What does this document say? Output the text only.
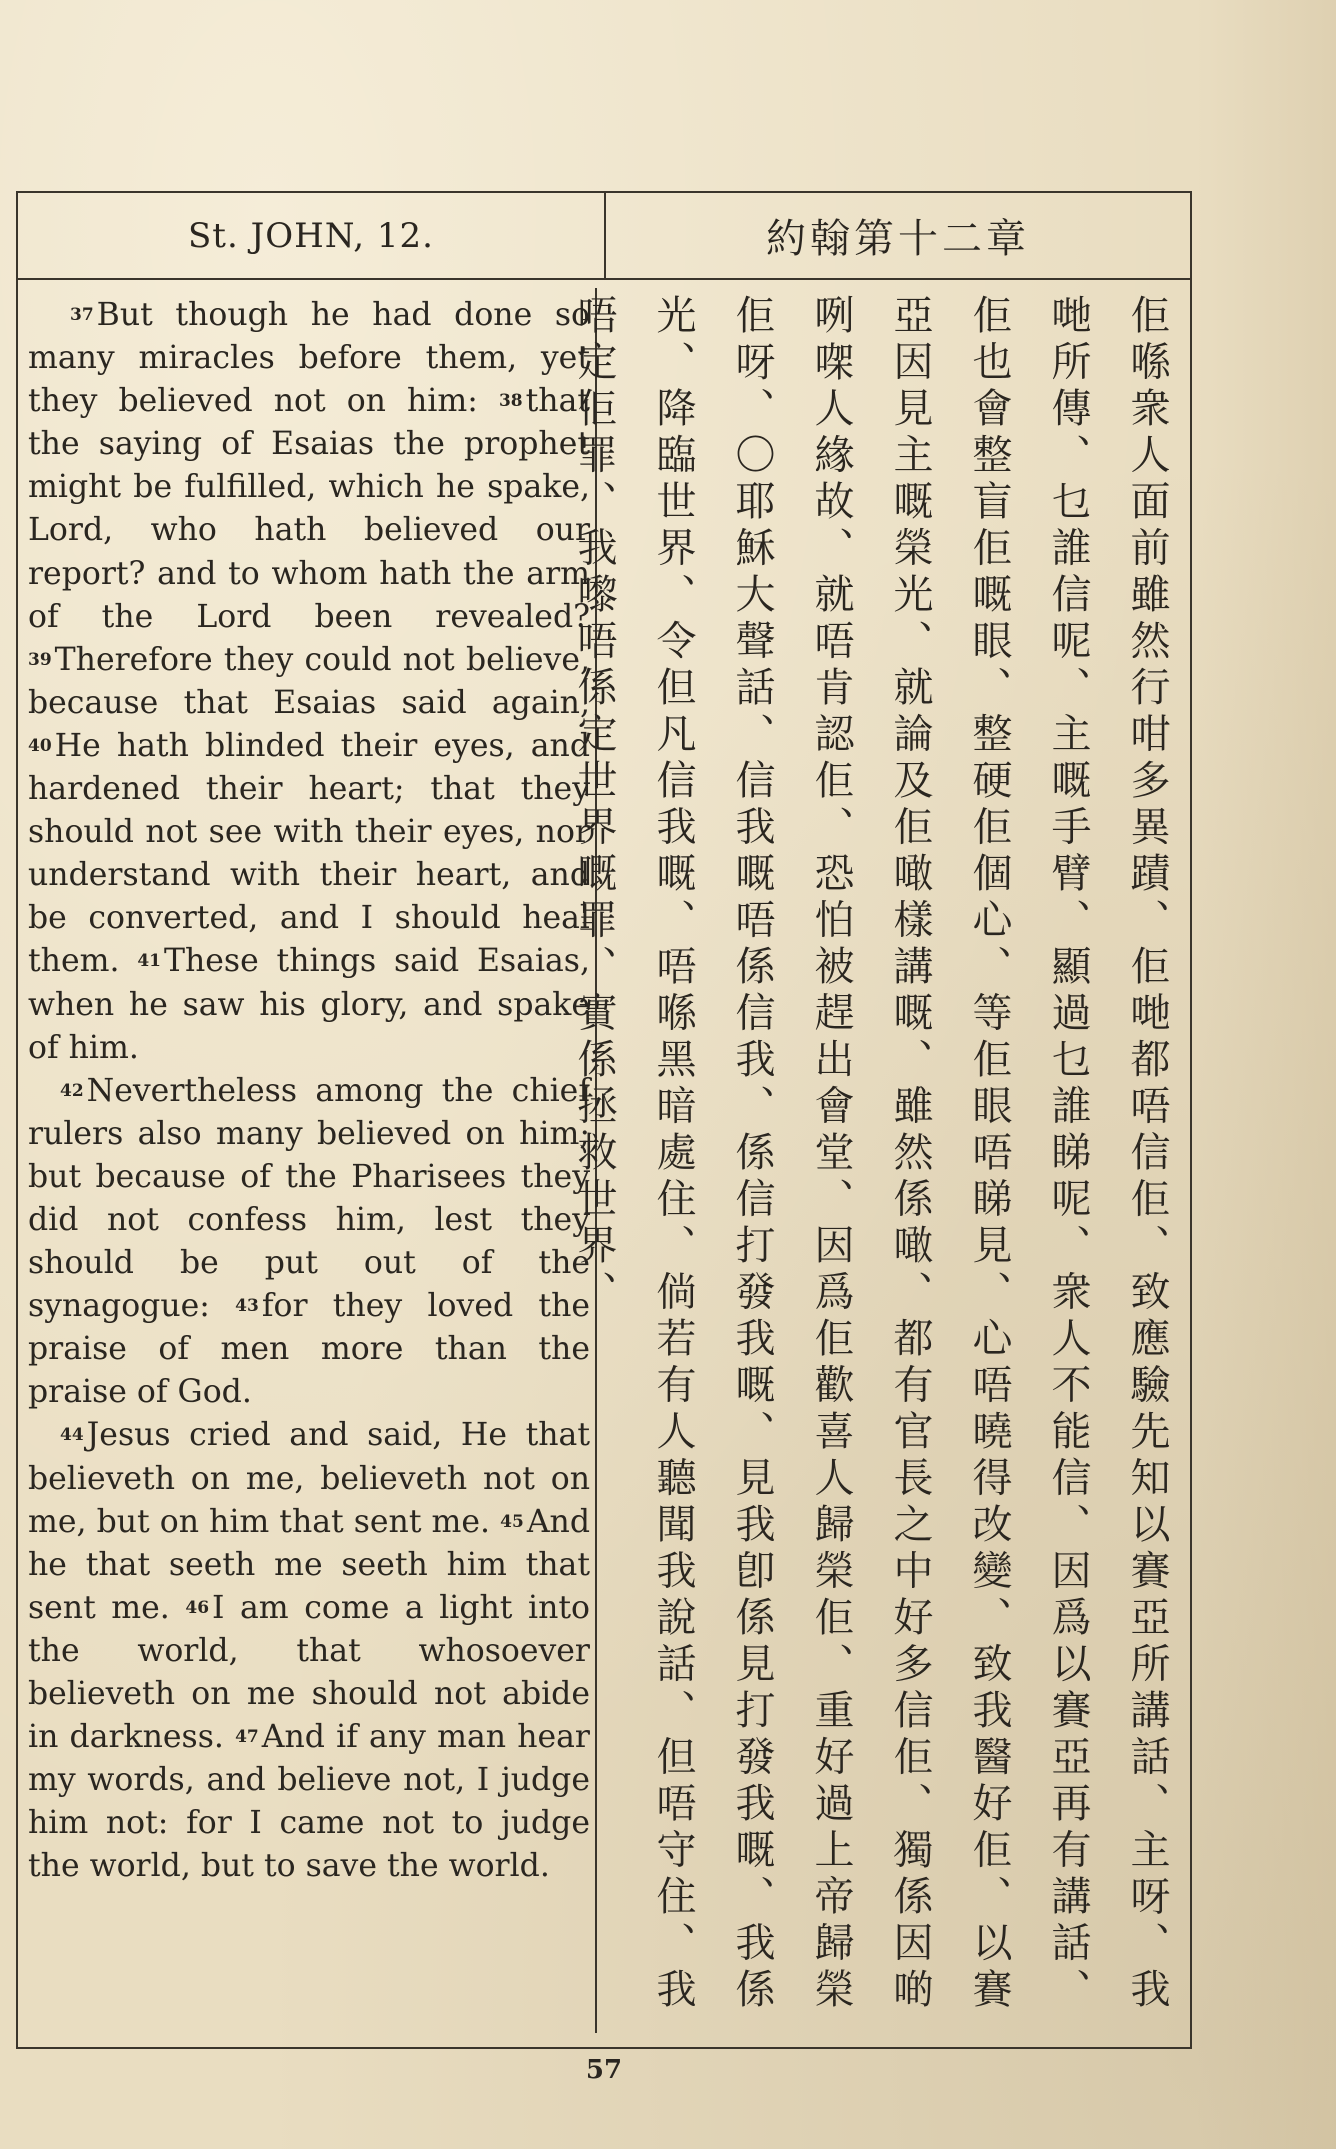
St. JOHN, 12.	約翰第十二章

37But though he had done so many miracles before them, yet they believed not on him: 38that the saying of Esaias the prophet might be fulfilled, which he spake, Lord, who hath believed our report? and to whom hath the arm of the Lord been revealed? 39Therefore they could not believe, because that Esaias said again, 40He hath blinded their eyes, and hardened their heart; that they should not see with their eyes, nor understand with their heart, and be converted, and I should heal them. 41These things said Esaias, when he saw his glory, and spake of him.

42Nevertheless among the chief rulers also many believed on him; but because of the Pharisees they did not confess him, lest they should be put out of the synagogue: 43for they loved the praise of men more than the praise of God.

44Jesus cried and said, He that believeth on me, believeth not on me, but on him that sent me. 45And he that seeth me seeth him that sent me. 46I am come a light into the world, that whosoever believeth on me should not abide in darkness. 47And if any man hear my words, and believe not, I judge him not: for I came not to judge the world, but to save the world.	佢喺衆人面前雖然行咁多異蹟、佢哋都唔信佢、致應驗先知以賽亞所講話、主呀、我哋所傳、乜誰信呢、主嘅手臂、顯過乜誰睇呢、衆人不能信、因爲以賽亞再有講話、佢也會整盲佢嘅眼、整硬佢個心、等佢眼唔睇見、心唔曉得改變、致我醫好佢、以賽亞因見主嘅榮光、就論及佢噉樣講嘅、雖然係噉、都有官長之中好多信佢、獨係因啲咧㗎人緣故、就唔肯認佢、恐怕被趕出會堂、因爲佢歡喜人歸榮佢、重好過上帝歸榮佢呀、〇耶穌大聲話、信我嘅唔係信我、係信打發我嘅、見我卽係見打發我嘅、我係光、降臨世界、令但凡信我嘅、唔喺黑暗處住、倘若有人聽聞我說話、但唔守住、我唔定佢罪、我嚟唔係定世界嘅罪、實係拯救世界、
57
